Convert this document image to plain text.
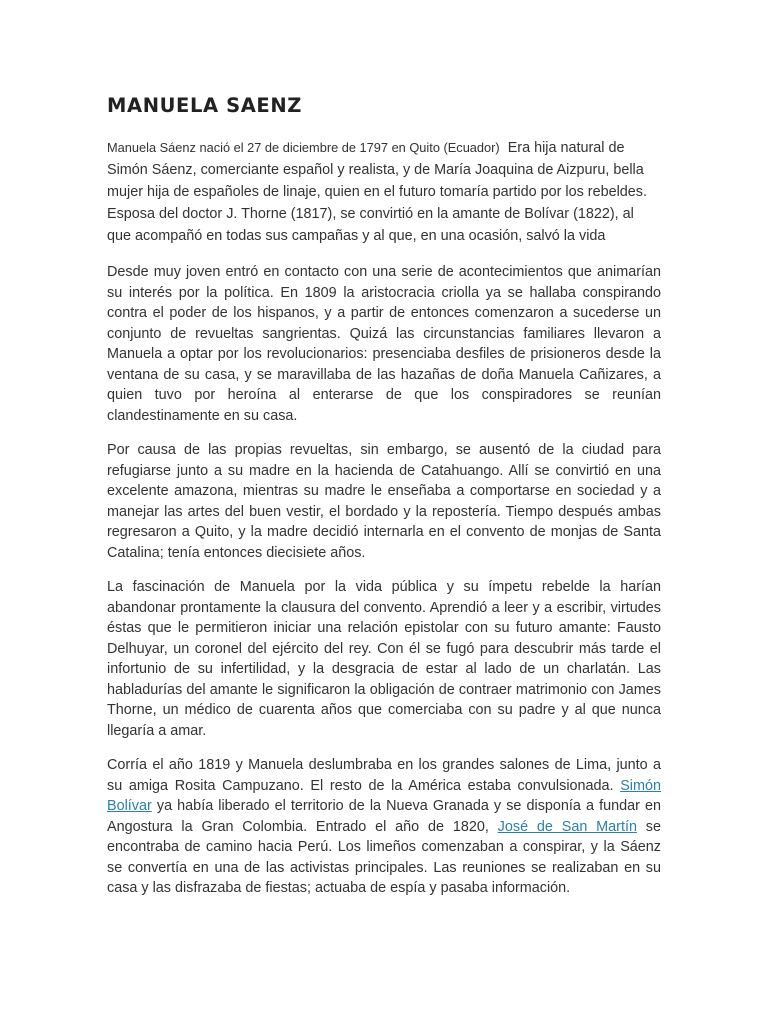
MANUELA SAENZ

Manuela Sáenz nació el 27 de diciembre de 1797 en Quito (Ecuador) Era hija natural de Simón Sáenz, comerciante español y realista, y de María Joaquina de Aizpuru, bella mujer hija de españoles de linaje, quien en el futuro tomaría partido por los rebeldes. Esposa del doctor J. Thorne (1817), se convirtió en la amante de Bolívar (1822), al que acompañó en todas sus campañas y al que, en una ocasión, salvó la vida

Desde muy joven entró en contacto con una serie de acontecimientos que animarían su interés por la política. En 1809 la aristocracia criolla ya se hallaba conspirando contra el poder de los hispanos, y a partir de entonces comenzaron a sucederse un conjunto de revueltas sangrientas. Quizá las circunstancias familiares llevaron a Manuela a optar por los revolucionarios: presenciaba desfiles de prisioneros desde la ventana de su casa, y se maravillaba de las hazañas de doña Manuela Cañizares, a quien tuvo por heroína al enterarse de que los conspiradores se reunían clandestinamente en su casa.

Por causa de las propias revueltas, sin embargo, se ausentó de la ciudad para refugiarse junto a su madre en la hacienda de Catahuango. Allí se convirtió en una excelente amazona, mientras su madre le enseñaba a comportarse en sociedad y a manejar las artes del buen vestir, el bordado y la repostería. Tiempo después ambas regresaron a Quito, y la madre decidió internarla en el convento de monjas de Santa Catalina; tenía entonces diecisiete años.

La fascinación de Manuela por la vida pública y su ímpetu rebelde la harían abandonar prontamente la clausura del convento. Aprendió a leer y a escribir, virtudes éstas que le permitieron iniciar una relación epistolar con su futuro amante: Fausto Delhuyar, un coronel del ejército del rey. Con él se fugó para descubrir más tarde el infortunio de su infertilidad, y la desgracia de estar al lado de un charlatán. Las habladurías del amante le significaron la obligación de contraer matrimonio con James Thorne, un médico de cuarenta años que comerciaba con su padre y al que nunca llegaría a amar.

Corría el año 1819 y Manuela deslumbraba en los grandes salones de Lima, junto a su amiga Rosita Campuzano. El resto de la América estaba convulsionada. Simón Bolívar ya había liberado el territorio de la Nueva Granada y se disponía a fundar en Angostura la Gran Colombia. Entrado el año de 1820, José de San Martín se encontraba de camino hacia Perú. Los limeños comenzaban a conspirar, y la Sáenz se convertía en una de las activistas principales. Las reuniones se realizaban en su casa y las disfrazaba de fiestas; actuaba de espía y pasaba información.
